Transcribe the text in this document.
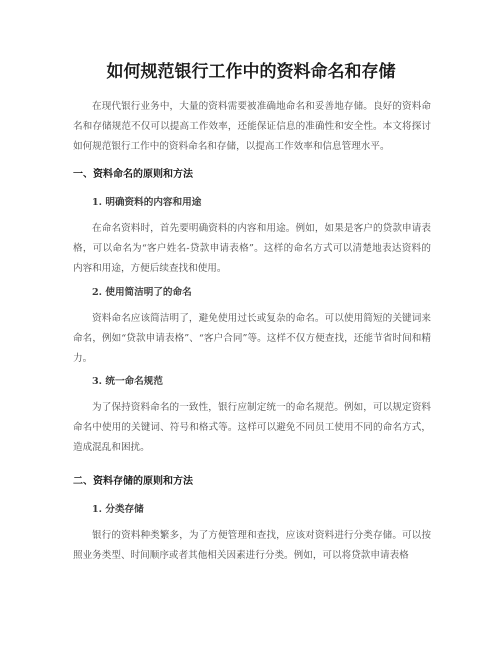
如何规范银行工作中的资料命名和存储

在现代银行业务中，大量的资料需要被准确地命名和妥善地存储。良好的资料命名和存储规范不仅可以提高工作效率，还能保证信息的准确性和安全性。本文将探讨如何规范银行工作中的资料命名和存储，以提高工作效率和信息管理水平。

一、资料命名的原则和方法
1. 明确资料的内容和用途

在命名资料时，首先要明确资料的内容和用途。例如，如果是客户的贷款申请表格，可以命名为“客户姓名-贷款申请表格”。这样的命名方式可以清楚地表达资料的内容和用途，方便后续查找和使用。

2. 使用简洁明了的命名

资料命名应该简洁明了，避免使用过长或复杂的命名。可以使用简短的关键词来命名，例如“贷款申请表格”、“客户合同”等。这样不仅方便查找，还能节省时间和精力。

3. 统一命名规范

为了保持资料命名的一致性，银行应制定统一的命名规范。例如，可以规定资料命名中使用的关键词、符号和格式等。这样可以避免不同员工使用不同的命名方式，造成混乱和困扰。

二、资料存储的原则和方法
1. 分类存储

银行的资料种类繁多，为了方便管理和查找，应该对资料进行分类存储。可以按照业务类型、时间顺序或者其他相关因素进行分类。例如，可以将贷款申请表格
